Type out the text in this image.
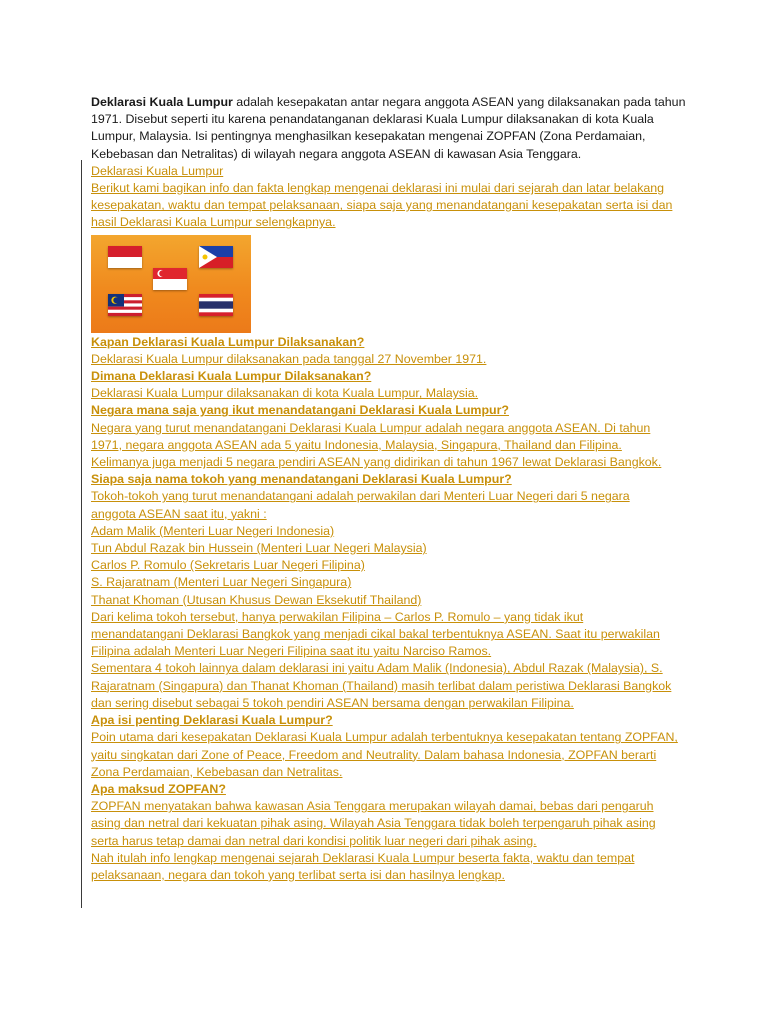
Deklarasi Kuala Lumpur adalah kesepakatan antar negara anggota ASEAN yang dilaksanakan pada tahun 1971. Disebut seperti itu karena penandatanganan deklarasi Kuala Lumpur dilaksanakan di kota Kuala Lumpur, Malaysia. Isi pentingnya menghasilkan kesepakatan mengenai ZOPFAN (Zona Perdamaian, Kebebasan dan Netralitas) di wilayah negara anggota ASEAN di kawasan Asia Tenggara.

Deklarasi Kuala Lumpur
Berikut kami bagikan info dan fakta lengkap mengenai deklarasi ini mulai dari sejarah dan latar belakang
kesepakatan, waktu dan tempat pelaksanaan, siapa saja yang menandatangani kesepakatan serta isi dan
hasil Deklarasi Kuala Lumpur selengkapnya.
Kapan Deklarasi Kuala Lumpur Dilaksanakan?
Deklarasi Kuala Lumpur dilaksanakan pada tanggal 27 November 1971.
Dimana Deklarasi Kuala Lumpur Dilaksanakan?
Deklarasi Kuala Lumpur dilaksanakan di kota Kuala Lumpur, Malaysia.
Negara mana saja yang ikut menandatangani Deklarasi Kuala Lumpur?
Negara yang turut menandatangani Deklarasi Kuala Lumpur adalah negara anggota ASEAN. Di tahun
1971, negara anggota ASEAN ada 5 yaitu Indonesia, Malaysia, Singapura, Thailand dan Filipina.
Kelimanya juga menjadi 5 negara pendiri ASEAN yang didirikan di tahun 1967 lewat Deklarasi Bangkok.
Siapa saja nama tokoh yang menandatangani Deklarasi Kuala Lumpur?
Tokoh-tokoh yang turut menandatangani adalah perwakilan dari Menteri Luar Negeri dari 5 negara
anggota ASEAN saat itu, yakni :
Adam Malik (Menteri Luar Negeri Indonesia)
Tun Abdul Razak bin Hussein (Menteri Luar Negeri Malaysia)
Carlos P. Romulo (Sekretaris Luar Negeri Filipina)
S. Rajaratnam (Menteri Luar Negeri Singapura)
Thanat Khoman (Utusan Khusus Dewan Eksekutif Thailand)
Dari kelima tokoh tersebut, hanya perwakilan Filipina – Carlos P. Romulo – yang tidak ikut
menandatangani Deklarasi Bangkok yang menjadi cikal bakal terbentuknya ASEAN. Saat itu perwakilan
Filipina adalah Menteri Luar Negeri Filipina saat itu yaitu Narciso Ramos.
Sementara 4 tokoh lainnya dalam deklarasi ini yaitu Adam Malik (Indonesia), Abdul Razak (Malaysia), S.
Rajaratnam (Singapura) dan Thanat Khoman (Thailand) masih terlibat dalam peristiwa Deklarasi Bangkok
dan sering disebut sebagai 5 tokoh pendiri ASEAN bersama dengan perwakilan Filipina.
Apa isi penting Deklarasi Kuala Lumpur?
Poin utama dari kesepakatan Deklarasi Kuala Lumpur adalah terbentuknya kesepakatan tentang ZOPFAN,
yaitu singkatan dari Zone of Peace, Freedom and Neutrality. Dalam bahasa Indonesia, ZOPFAN berarti
Zona Perdamaian, Kebebasan dan Netralitas.
Apa maksud ZOPFAN?
ZOPFAN menyatakan bahwa kawasan Asia Tenggara merupakan wilayah damai, bebas dari pengaruh
asing dan netral dari kekuatan pihak asing. Wilayah Asia Tenggara tidak boleh terpengaruh pihak asing
serta harus tetap damai dan netral dari kondisi politik luar negeri dari pihak asing.
Nah itulah info lengkap mengenai sejarah Deklarasi Kuala Lumpur beserta fakta, waktu dan tempat
pelaksanaan, negara dan tokoh yang terlibat serta isi dan hasilnya lengkap.
